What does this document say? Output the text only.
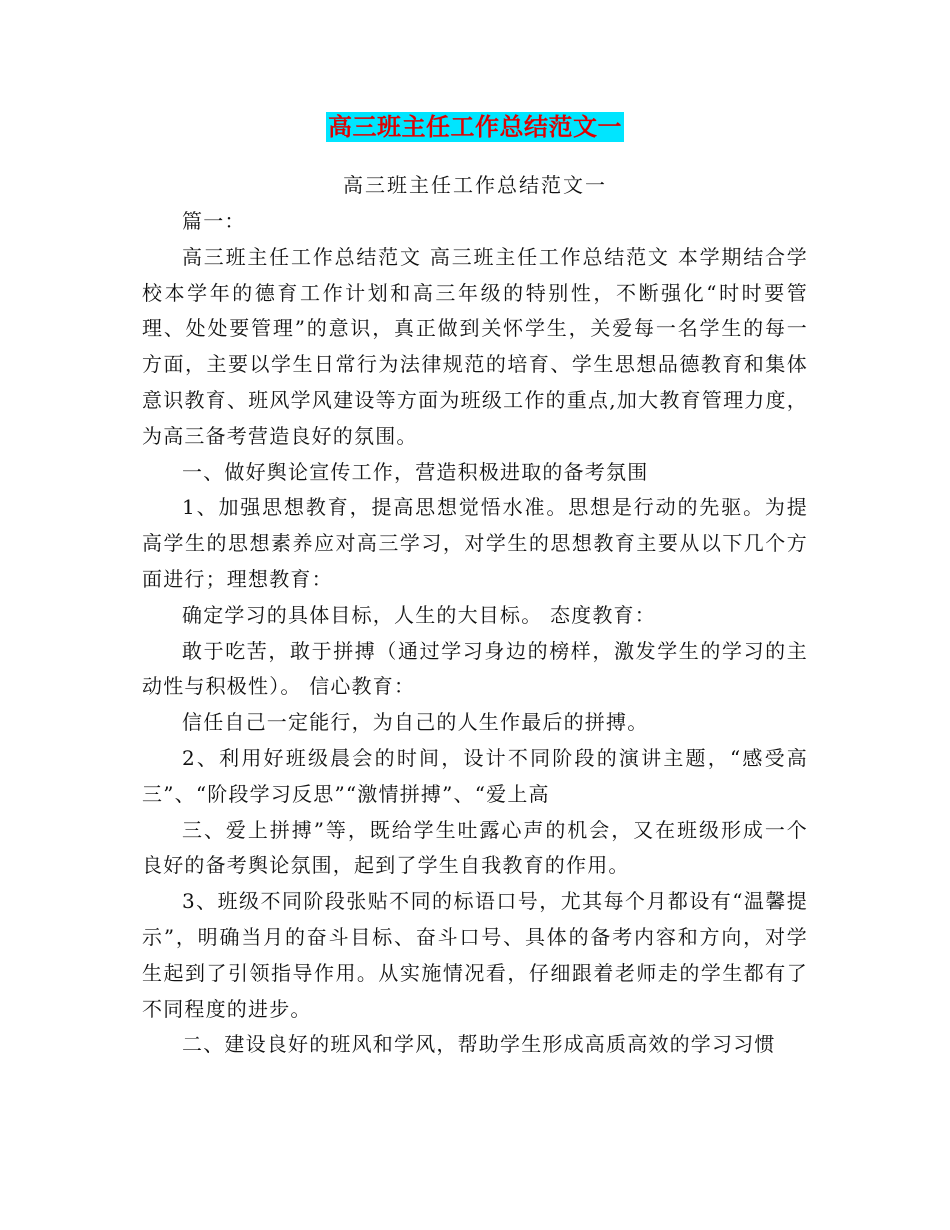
高三班主任工作总结范文一
高三班主任工作总结范文一

篇一：

高三班主任工作总结范文 高三班主任工作总结范文 本学期结合学校本学年的德育工作计划和高三年级的特别性，不断强化“时时要管理、处处要管理”的意识，真正做到关怀学生，关爱每一名学生的每一方面，主要以学生日常行为法律规范的培育、学生思想品德教育和集体意识教育、班风学风建设等方面为班级工作的重点,加大教育管理力度，为高三备考营造良好的氛围。

一、做好舆论宣传工作，营造积极进取的备考氛围

1、加强思想教育，提高思想觉悟水准。思想是行动的先驱。为提高学生的思想素养应对高三学习，对学生的思想教育主要从以下几个方面进行；理想教育：

确定学习的具体目标，人生的大目标。 态度教育：

敢于吃苦，敢于拼搏（通过学习身边的榜样，激发学生的学习的主动性与积极性）。 信心教育：

信任自己一定能行，为自己的人生作最后的拼搏。

2、利用好班级晨会的时间，设计不同阶段的演讲主题，“感受高三”、“阶段学习反思”“激情拼搏”、“爱上高

三、爱上拼搏”等，既给学生吐露心声的机会，又在班级形成一个良好的备考舆论氛围，起到了学生自我教育的作用。

3、班级不同阶段张贴不同的标语口号，尤其每个月都设有“温馨提示”，明确当月的奋斗目标、奋斗口号、具体的备考内容和方向，对学生起到了引领指导作用。从实施情况看，仔细跟着老师走的学生都有了不同程度的进步。

二、建设良好的班风和学风，帮助学生形成高质高效的学习习惯
